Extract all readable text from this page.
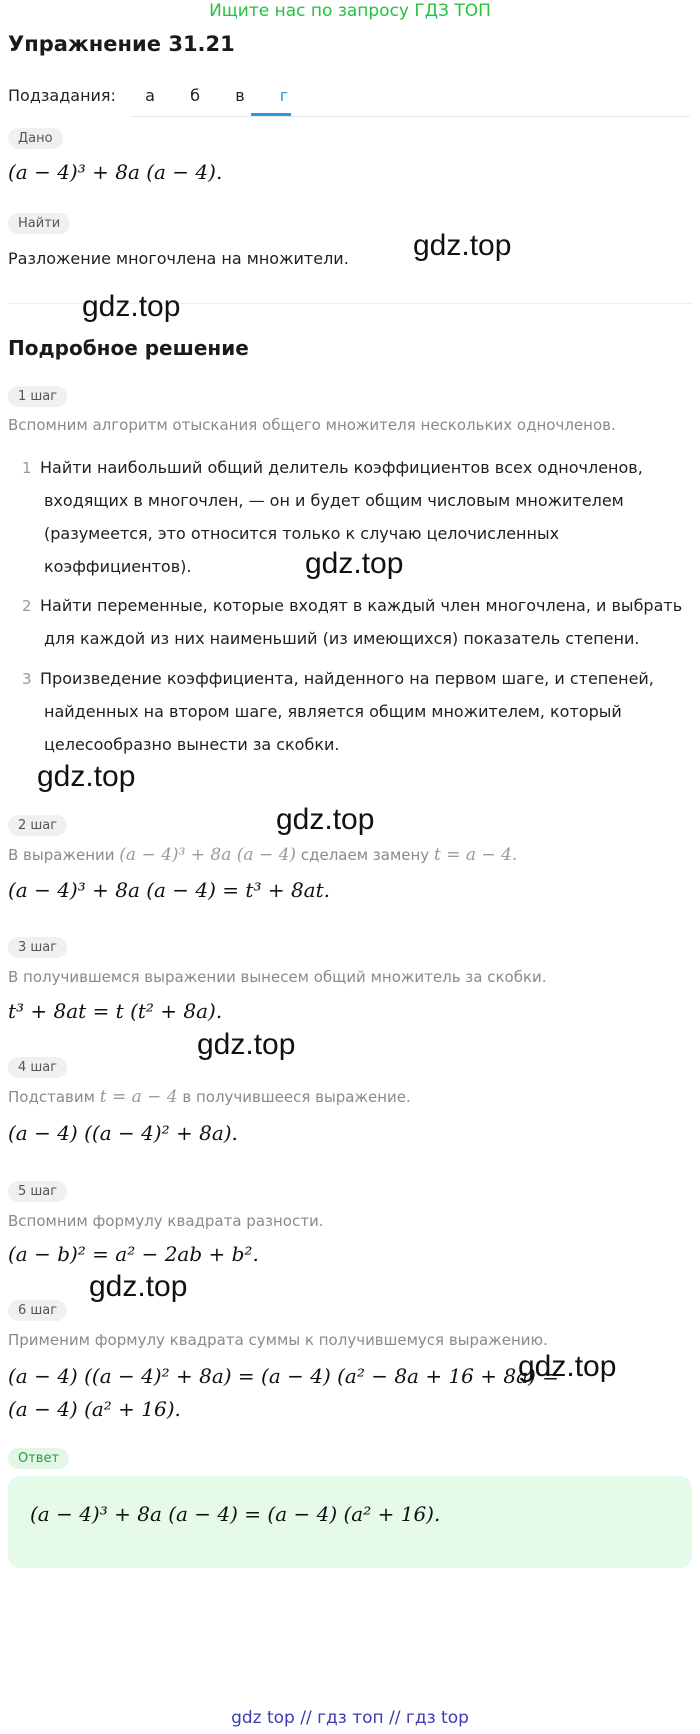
Ищите нас по запросу ГДЗ ТОП
Упражнение 31.21
Подзадания:	а	б	в	г
Дано
(a − 4)³ + 8a (a − 4).
Найти
Разложение многочлена на множители. gdz.top
gdz.top
Подробное решение
1 шаг
Вспомним алгоритм отыскания общего множителя нескольких одночленов.
1 Найти наибольший общий делитель коэффициентов всех одночленов,
входящих в многочлен, — он и будет общим числовым множителем
(разумеется, это относится только к случаю целочисленных
коэффициентов).	gdz.top
2 Найти переменные, которые входят в каждый член многочлена, и выбрать
для каждой из них наименьший (из имеющихся) показатель степени.
3 Произведение коэффициента, найденного на первом шаге, и степеней,
найденных на втором шаге, является общим множителем, который
целесообразно вынести за скобки.
gdz.top
gdz.top
2 шаг
В выражении (a − 4)³ + 8a (a − 4) сделаем замену t = a − 4.
(a − 4)³ + 8a (a − 4) = t³ + 8at.
3 шаг
В получившемся выражении вынесем общий множитель за скобки.
t³ + 8at = t (t² + 8a).
gdz.top
4 шаг
Подставим t = a − 4 в получившееся выражение.
(a − 4) ((a − 4)² + 8a).
5 шаг
Вспомним формулу квадрата разности.
(a − b)² = a² − 2ab + b².
gdz.top
6 шаг
Применим формулу квадрата суммы к получившемуся выражению.
(a − 4) ((a − 4)² + 8a) = (a − 4) (a² − 8a + 16 + 8a) =
(a − 4) (a² + 16).
gdz.top
Ответ
(a − 4)³ + 8a (a − 4) = (a − 4) (a² + 16).
gdz top // гдз топ // гдз top
